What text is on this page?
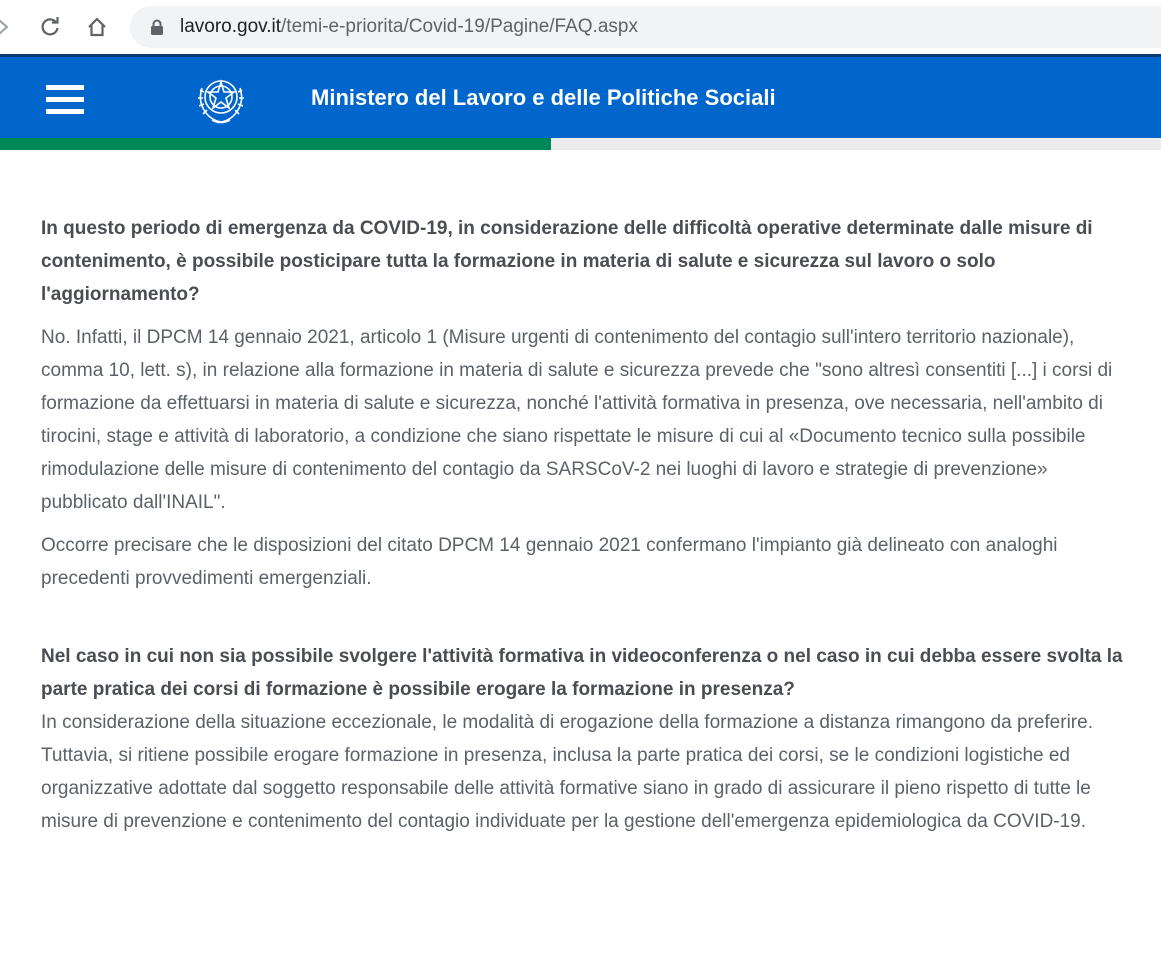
lavoro.gov.it/temi-e-priorita/Covid-19/Pagine/FAQ.aspx
Ministero del Lavoro e delle Politiche Sociali

In questo periodo di emergenza da COVID-19, in considerazione delle difficoltà operative determinate dalle misure di contenimento, è possibile posticipare tutta la formazione in materia di salute e sicurezza sul lavoro o solo l'aggiornamento?

No. Infatti, il DPCM 14 gennaio 2021, articolo 1 (Misure urgenti di contenimento del contagio sull'intero territorio nazionale), comma 10, lett. s), in relazione alla formazione in materia di salute e sicurezza prevede che "sono altresì consentiti [...] i corsi di formazione da effettuarsi in materia di salute e sicurezza, nonché l'attività formativa in presenza, ove necessaria, nell'ambito di tirocini, stage e attività di laboratorio, a condizione che siano rispettate le misure di cui al «Documento tecnico sulla possibile rimodulazione delle misure di contenimento del contagio da SARSCoV-2 nei luoghi di lavoro e strategie di prevenzione» pubblicato dall'INAIL".

Occorre precisare che le disposizioni del citato DPCM 14 gennaio 2021 confermano l'impianto già delineato con analoghi precedenti provvedimenti emergenziali.

Nel caso in cui non sia possibile svolgere l'attività formativa in videoconferenza o nel caso in cui debba essere svolta la parte pratica dei corsi di formazione è possibile erogare la formazione in presenza?

In considerazione della situazione eccezionale, le modalità di erogazione della formazione a distanza rimangono da preferire.

Tuttavia, si ritiene possibile erogare formazione in presenza, inclusa la parte pratica dei corsi, se le condizioni logistiche ed organizzative adottate dal soggetto responsabile delle attività formative siano in grado di assicurare il pieno rispetto di tutte le misure di prevenzione e contenimento del contagio individuate per la gestione dell'emergenza epidemiologica da COVID-19.
